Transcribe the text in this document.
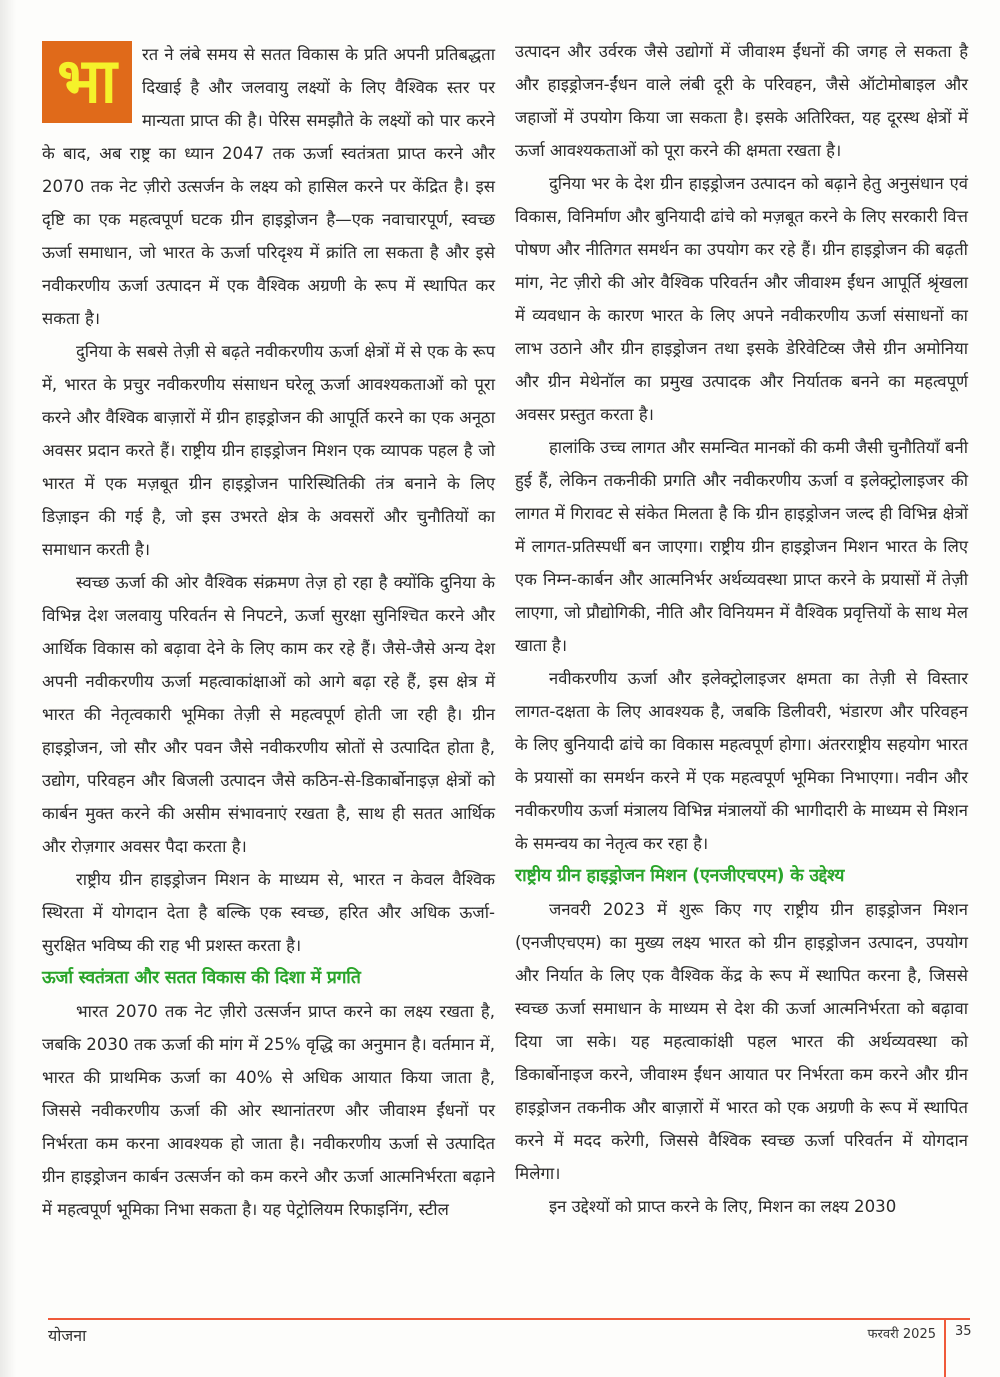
भा	रत ने लंबे समय से सतत विकास के प्रति अपनी प्रतिबद्धता दिखाई है और जलवायु लक्ष्यों के लिए वैश्विक स्तर पर मान्यता प्राप्त की है। पेरिस समझौते के लक्ष्यों को पार करने के बाद, अब राष्ट्र का ध्यान 2047 तक ऊर्जा स्वतंत्रता प्राप्त करने और 2070 तक नेट ज़ीरो उत्सर्जन के लक्ष्य को हासिल करने पर केंद्रित है। इस दृष्टि का एक महत्वपूर्ण घटक ग्रीन हाइड्रोजन है—एक नवाचारपूर्ण, स्वच्छ ऊर्जा समाधान, जो भारत के ऊर्जा परिदृश्य में क्रांति ला सकता है और इसे नवीकरणीय ऊर्जा उत्पादन में एक वैश्विक अग्रणी के रूप में स्थापित कर सकता है।

दुनिया के सबसे तेज़ी से बढ़ते नवीकरणीय ऊर्जा क्षेत्रों में से एक के रूप में, भारत के प्रचुर नवीकरणीय संसाधन घरेलू ऊर्जा आवश्यकताओं को पूरा करने और वैश्विक बाज़ारों में ग्रीन हाइड्रोजन की आपूर्ति करने का एक अनूठा अवसर प्रदान करते हैं। राष्ट्रीय ग्रीन हाइड्रोजन मिशन एक व्यापक पहल है जो भारत में एक मज़बूत ग्रीन हाइड्रोजन पारिस्थितिकी तंत्र बनाने के लिए डिज़ाइन की गई है, जो इस उभरते क्षेत्र के अवसरों और चुनौतियों का समाधान करती है।

स्वच्छ ऊर्जा की ओर वैश्विक संक्रमण तेज़ हो रहा है क्योंकि दुनिया के विभिन्न देश जलवायु परिवर्तन से निपटने, ऊर्जा सुरक्षा सुनिश्चित करने और आर्थिक विकास को बढ़ावा देने के लिए काम कर रहे हैं। जैसे-जैसे अन्य देश अपनी नवीकरणीय ऊर्जा महत्वाकांक्षाओं को आगे बढ़ा रहे हैं, इस क्षेत्र में भारत की नेतृत्वकारी भूमिका तेज़ी से महत्वपूर्ण होती जा रही है। ग्रीन हाइड्रोजन, जो सौर और पवन जैसे नवीकरणीय स्रोतों से उत्पादित होता है, उद्योग, परिवहन और बिजली उत्पादन जैसे कठिन-से-डिकार्बोनाइज़ क्षेत्रों को कार्बन मुक्त करने की असीम संभावनाएं रखता है, साथ ही सतत आर्थिक और रोज़गार अवसर पैदा करता है।

राष्ट्रीय ग्रीन हाइड्रोजन मिशन के माध्यम से, भारत न केवल वैश्विक स्थिरता में योगदान देता है बल्कि एक स्वच्छ, हरित और अधिक ऊर्जा-सुरक्षित भविष्य की राह भी प्रशस्त करता है।

ऊर्जा स्वतंत्रता और सतत विकास की दिशा में प्रगति

भारत 2070 तक नेट ज़ीरो उत्सर्जन प्राप्त करने का लक्ष्य रखता है, जबकि 2030 तक ऊर्जा की मांग में 25% वृद्धि का अनुमान है। वर्तमान में, भारत की प्राथमिक ऊर्जा का 40% से अधिक आयात किया जाता है, जिससे नवीकरणीय ऊर्जा की ओर स्थानांतरण और जीवाश्म ईंधनों पर निर्भरता कम करना आवश्यक हो जाता है। नवीकरणीय ऊर्जा से उत्पादित ग्रीन हाइड्रोजन कार्बन उत्सर्जन को कम करने और ऊर्जा आत्मनिर्भरता बढ़ाने में महत्वपूर्ण भूमिका निभा सकता है। यह पेट्रोलियम रिफाइनिंग, स्टील

उत्पादन और उर्वरक जैसे उद्योगों में जीवाश्म ईंधनों की जगह ले सकता है और हाइड्रोजन-ईंधन वाले लंबी दूरी के परिवहन, जैसे ऑटोमोबाइल और जहाजों में उपयोग किया जा सकता है। इसके अतिरिक्त, यह दूरस्थ क्षेत्रों में ऊर्जा आवश्यकताओं को पूरा करने की क्षमता रखता है।

दुनिया भर के देश ग्रीन हाइड्रोजन उत्पादन को बढ़ाने हेतु अनुसंधान एवं विकास, विनिर्माण और बुनियादी ढांचे को मज़बूत करने के लिए सरकारी वित्त पोषण और नीतिगत समर्थन का उपयोग कर रहे हैं। ग्रीन हाइड्रोजन की बढ़ती मांग, नेट ज़ीरो की ओर वैश्विक परिवर्तन और जीवाश्म ईंधन आपूर्ति श्रृंखला में व्यवधान के कारण भारत के लिए अपने नवीकरणीय ऊर्जा संसाधनों का लाभ उठाने और ग्रीन हाइड्रोजन तथा इसके डेरिवेटिव्स जैसे ग्रीन अमोनिया और ग्रीन मेथेनॉल का प्रमुख उत्पादक और निर्यातक बनने का महत्वपूर्ण अवसर प्रस्तुत करता है।

हालांकि उच्च लागत और समन्वित मानकों की कमी जैसी चुनौतियाँ बनी हुई हैं, लेकिन तकनीकी प्रगति और नवीकरणीय ऊर्जा व इलेक्ट्रोलाइजर की लागत में गिरावट से संकेत मिलता है कि ग्रीन हाइड्रोजन जल्द ही विभिन्न क्षेत्रों में लागत-प्रतिस्पर्धी बन जाएगा। राष्ट्रीय ग्रीन हाइड्रोजन मिशन भारत के लिए एक निम्न-कार्बन और आत्मनिर्भर अर्थव्यवस्था प्राप्त करने के प्रयासों में तेज़ी लाएगा, जो प्रौद्योगिकी, नीति और विनियमन में वैश्विक प्रवृत्तियों के साथ मेल खाता है।

नवीकरणीय ऊर्जा और इलेक्ट्रोलाइजर क्षमता का तेज़ी से विस्तार लागत-दक्षता के लिए आवश्यक है, जबकि डिलीवरी, भंडारण और परिवहन के लिए बुनियादी ढांचे का विकास महत्वपूर्ण होगा। अंतरराष्ट्रीय सहयोग भारत के प्रयासों का समर्थन करने में एक महत्वपूर्ण भूमिका निभाएगा। नवीन और नवीकरणीय ऊर्जा मंत्रालय विभिन्न मंत्रालयों की भागीदारी के माध्यम से मिशन के समन्वय का नेतृत्व कर रहा है।

राष्ट्रीय ग्रीन हाइड्रोजन मिशन (एनजीएचएम) के उद्देश्य

जनवरी 2023 में शुरू किए गए राष्ट्रीय ग्रीन हाइड्रोजन मिशन (एनजीएचएम) का मुख्य लक्ष्य भारत को ग्रीन हाइड्रोजन उत्पादन, उपयोग और निर्यात के लिए एक वैश्विक केंद्र के रूप में स्थापित करना है, जिससे स्वच्छ ऊर्जा समाधान के माध्यम से देश की ऊर्जा आत्मनिर्भरता को बढ़ावा दिया जा सके। यह महत्वाकांक्षी पहल भारत की अर्थव्यवस्था को डिकार्बोनाइज करने, जीवाश्म ईंधन आयात पर निर्भरता कम करने और ग्रीन हाइड्रोजन तकनीक और बाज़ारों में भारत को एक अग्रणी के रूप में स्थापित करने में मदद करेगी, जिससे वैश्विक स्वच्छ ऊर्जा परिवर्तन में योगदान मिलेगा।

इन उद्देश्यों को प्राप्त करने के लिए, मिशन का लक्ष्य 2030

योजना	फरवरी 2025 35
